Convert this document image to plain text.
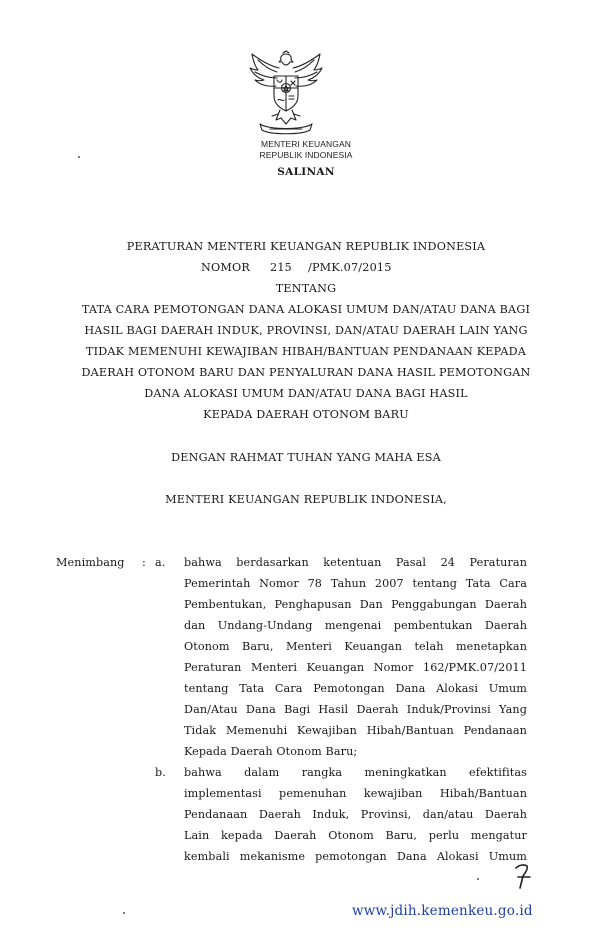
MENTERI KEUANGAN
REPUBLIK INDONESIA
SALINAN
PERATURAN MENTERI KEUANGAN REPUBLIK INDONESIA
NOMOR 215 /PMK.07/2015
TENTANG
TATA CARA PEMOTONGAN DANA ALOKASI UMUM DAN/ATAU DANA BAGI
HASIL BAGI DAERAH INDUK, PROVINSI, DAN/ATAU DAERAH LAIN YANG
TIDAK MEMENUHI KEWAJIBAN HIBAH/BANTUAN PENDANAAN KEPADA
DAERAH OTONOM BARU DAN PENYALURAN DANA HASIL PEMOTONGAN
DANA ALOKASI UMUM DAN/ATAU DANA BAGI HASIL
KEPADA DAERAH OTONOM BARU
DENGAN RAHMAT TUHAN YANG MAHA ESA
MENTERI KEUANGAN REPUBLIK INDONESIA,
Menimbang : a. bahwa berdasarkan ketentuan Pasal 24 Peraturan
Pemerintah Nomor 78 Tahun 2007 tentang Tata Cara
Pembentukan, Penghapusan Dan Penggabungan Daerah
dan Undang-Undang mengenai pembentukan Daerah
Otonom Baru, Menteri Keuangan telah menetapkan
Peraturan Menteri Keuangan Nomor 162/PMK.07/2011
tentang Tata Cara Pemotongan Dana Alokasi Umum
Dan/Atau Dana Bagi Hasil Daerah Induk/Provinsi Yang
Tidak Memenuhi Kewajiban Hibah/Bantuan Pendanaan
Kepada Daerah Otonom Baru;
b. bahwa dalam rangka meningkatkan efektifitas
implementasi pemenuhan kewajiban Hibah/Bantuan
Pendanaan Daerah Induk, Provinsi, dan/atau Daerah
Lain kepada Daerah Otonom Baru, perlu mengatur
kembali mekanisme pemotongan Dana Alokasi Umum
www.jdih.kemenkeu.go.id
